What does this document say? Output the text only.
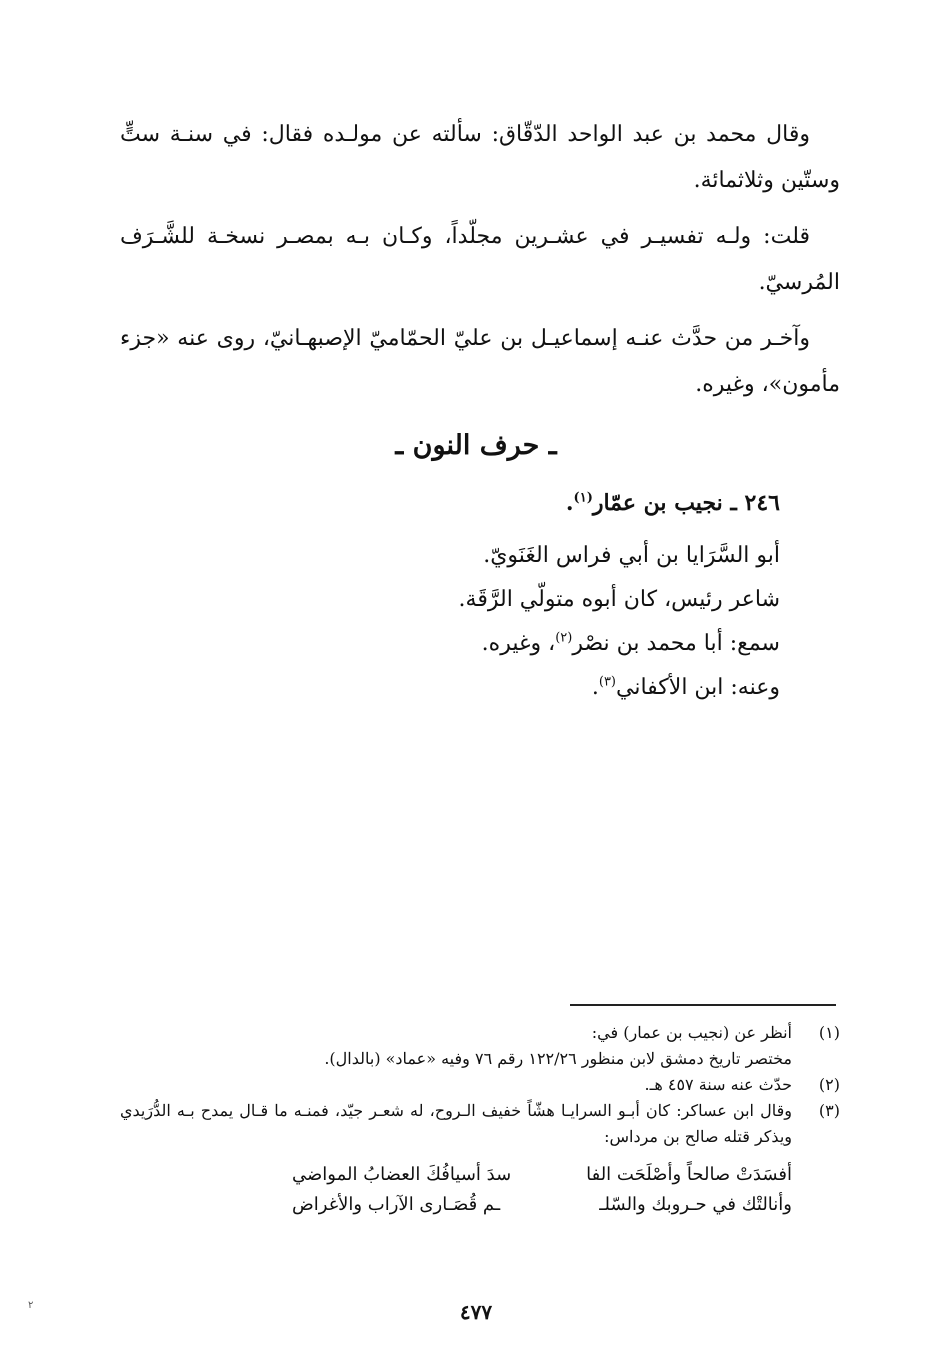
وقال محمد بن عبد الواحد الدّقّاق: سألته عن مولـده فقال: في سنـة ستٍّ وستّين وثلاثمائة.

قلت: ولـه تفسيـر في عشـرين مجلّداً، وكـان بـه بمصـر نسخـة للشَّـرَف المُرسيّ.

وآخـر من حدَّث عنـه إسماعيـل بن عليّ الحمّاميّ الإصبهـانيّ، روى عنه «جزء مأمون»، وغيره.

ـ حرف النون ـ
٢٤٦ ـ نجيب بن عمّار$^{(١)}$.

أبو السَّرَايا بن أبي فراس الغَنَويّ.

شاعر رئيس، كان أبوه متولّي الرَّقَة.

سمع: أبا محمد بن نصْر$^{(٢)}$، وغيره.

وعنه: ابن الأكفاني$^{(٣)}$.

(١)
أنظر عن (نجيب بن عمار) في:
مختصر تاريخ دمشق لابن منظور ١٢٢/٢٦ رقم ٧٦ وفيه «عماد» (بالدال).
(٢)
حدّث عنه سنة ٤٥٧ هـ.
(٣)
وقال ابن عساكر: كان أبـو السرايـا هشّاً خفيف الـروح، له شعـر جيّد، فمنـه ما قـال يمدح بـه الدُّرَيدي ويذكر قتله صالح بن مرداس:
أفسَدَتْ صالحاً وأصْلَحَت الفا
سدَ أسيافُكَ العضابُ المواضي
وأنالتْك في حـروبك والسّلـ
ـم قُصَـارى الآراب والأغراض
٤٧٧
٢
